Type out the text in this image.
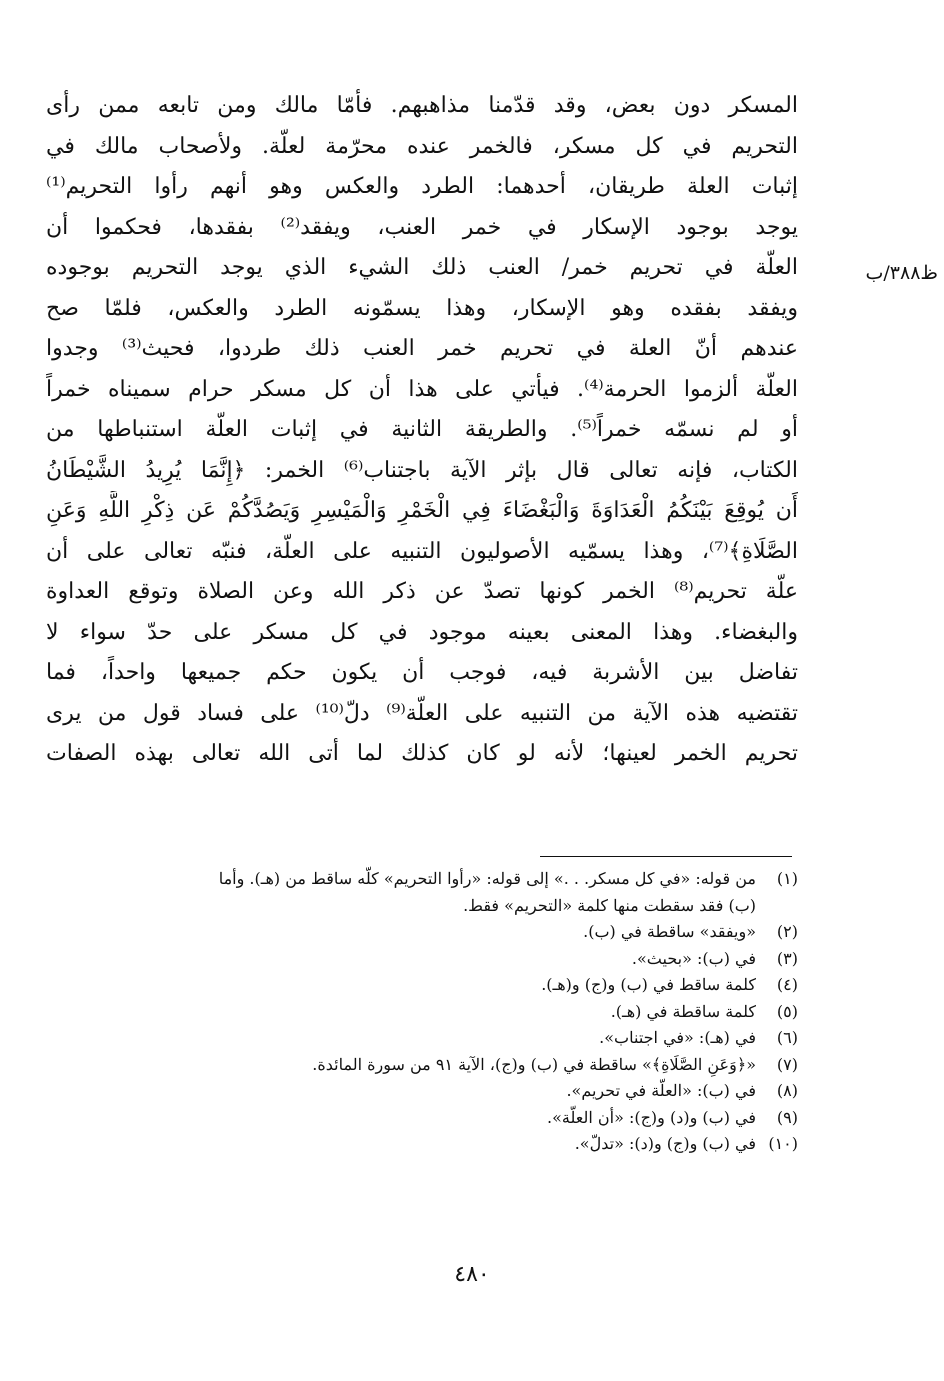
ظ۳۸۸/ب
المسكر دون بعض، وقد قدّمنا مذاهبهم. فأمّا مالك ومن تابعه ممن رأى
التحريم في كل مسكر، فالخمر عنده محرّمة لعلّة. ولأصحاب مالك في
إثبات العلة طريقان، أحدهما: الطرد والعكس وهو أنهم رأوا التحريم⁽¹⁾
يوجد بوجود الإسكار في خمر العنب، ويفقد⁽²⁾ بفقدها، فحكموا أن
العلّة في تحريم خمر/ العنب ذلك الشيء الذي يوجد التحريم بوجوده
ويفقد بفقده وهو الإسكار، وهذا يسمّونه الطرد والعكس، فلمّا صح
عندهم أنّ العلة في تحريم خمر العنب ذلك طردوا، فحيث⁽³⁾ وجدوا
العلّة ألزموا الحرمة⁽⁴⁾. فيأتي على هذا أن كل مسكر حرام سميناه خمراً
أو لم نسمّه خمراً⁽⁵⁾. والطريقة الثانية في إثبات العلّة استنباطها من
الكتاب، فإنه تعالى قال بإثر الآية باجتناب⁽⁶⁾ الخمر: ﴿إِنَّمَا يُرِيدُ الشَّيْطَانُ
أَن يُوقِعَ بَيْنَكُمُ الْعَدَاوَةَ وَالْبَغْضَاءَ فِي الْخَمْرِ وَالْمَيْسِرِ وَيَصُدَّكُمْ عَن ذِكْرِ اللَّهِ وَعَنِ
الصَّلَاةِ﴾⁽⁷⁾، وهذا يسمّيه الأصوليون التنبيه على العلّة، فنبّه تعالى على أن
علّة تحريم⁽⁸⁾ الخمر كونها تصدّ عن ذكر الله وعن الصلاة وتوقع العداوة
والبغضاء. وهذا المعنى بعينه موجود في كل مسكر على حدّ سواء لا
تفاضل بين الأشربة فيه، فوجب أن يكون حكم جميعها واحداً، فما
تقتضيه هذه الآية من التنبيه على العلّة⁽⁹⁾ دلّ⁽¹⁰⁾ على فساد قول من يرى
تحريم الخمر لعينها؛ لأنه لو كان كذلك لما أتى الله تعالى بهذه الصفات
(١)من قوله: «في كل مسكر. . .» إلى قوله: «رأوا التحريم» كلّه ساقط من (هـ). وأما
(ب) فقد سقطت منها كلمة «التحريم» فقط.
(٢)«ويفقد» ساقطة في (ب).
(٣)في (ب): «بحيث».
(٤)كلمة ساقط في (ب) و(ج) و(هـ).
(٥)كلمة ساقطة في (هـ).
(٦)في (هـ): «في اجتناب».
(٧)«﴿وَعَنِ الصَّلَاةِ﴾» ساقطة في (ب) و(ج)، الآية ٩١ من سورة المائدة.
(٨)في (ب): «العلّة في تحريم».
(٩)في (ب) و(د) و(ج): «أن العلّة».
(١٠)في (ب) و(ج) و(د): «تدلّ».
٤٨٠
